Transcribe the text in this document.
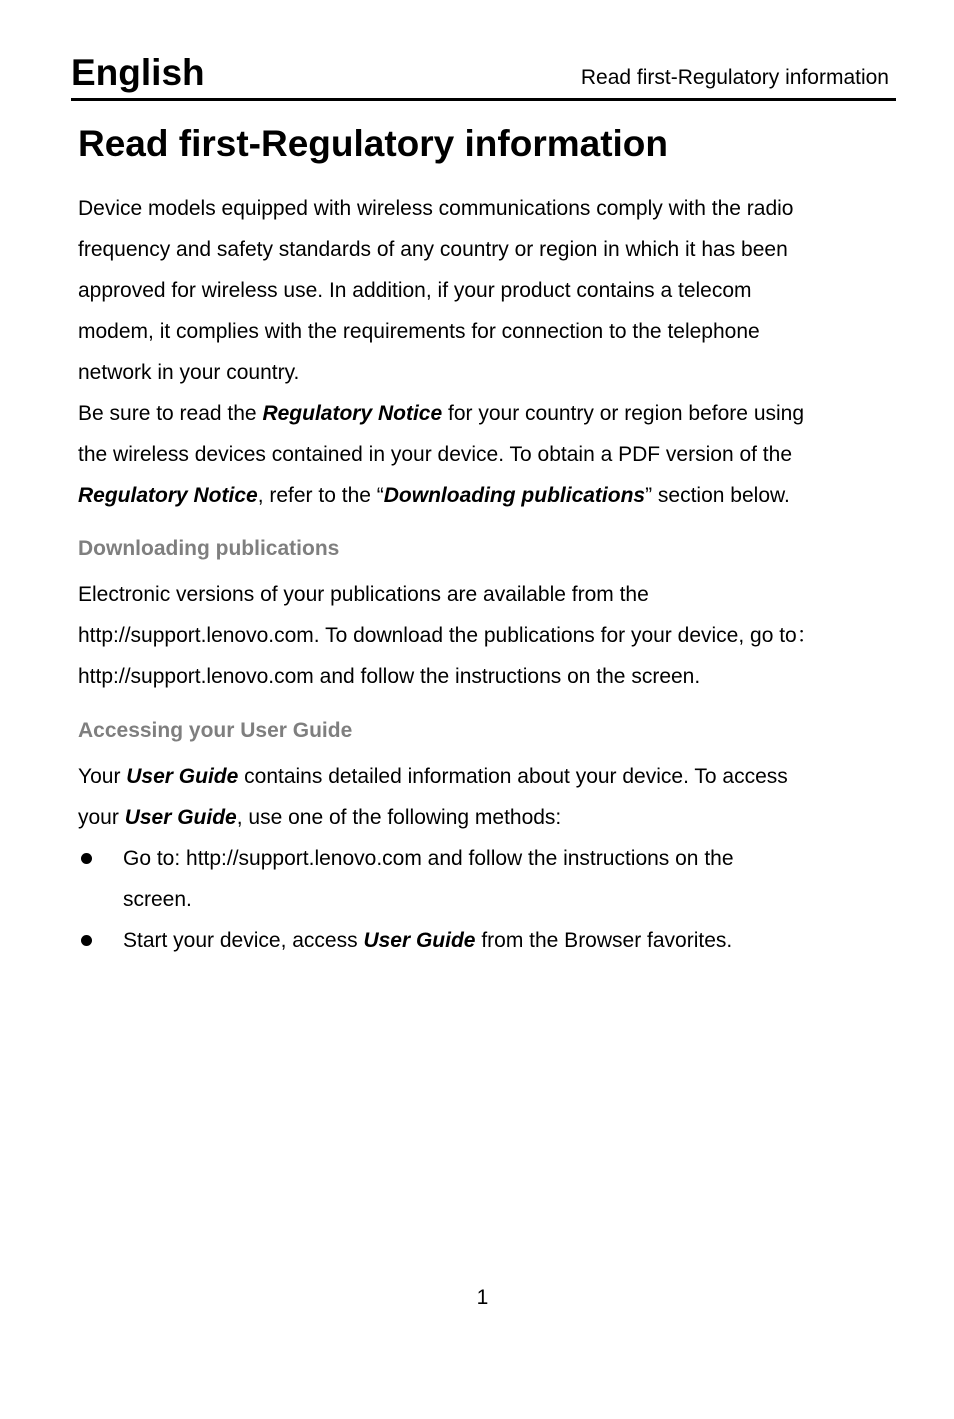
English	Read first-Regulatory information
Read first-Regulatory information

Device models equipped with wireless communications comply with the radio
frequency and safety standards of any country or region in which it has been
approved for wireless use. In addition, if your product contains a telecom
modem, it complies with the requirements for connection to the telephone
network in your country.

Be sure to read the Regulatory Notice for your country or region before using
the wireless devices contained in your device. To obtain a PDF version of the
Regulatory Notice, refer to the “Downloading publications” section below.

Downloading publications

Electronic versions of your publications are available from the
http://support.lenovo.com. To download the publications for your device, go to：
http://support.lenovo.com and follow the instructions on the screen.

Accessing your User Guide

Your User Guide contains detailed information about your device. To access
your User Guide, use one of the following methods:

Go to: http://support.lenovo.com and follow the instructions on the
screen.
Start your device, access User Guide from the Browser favorites.
1
